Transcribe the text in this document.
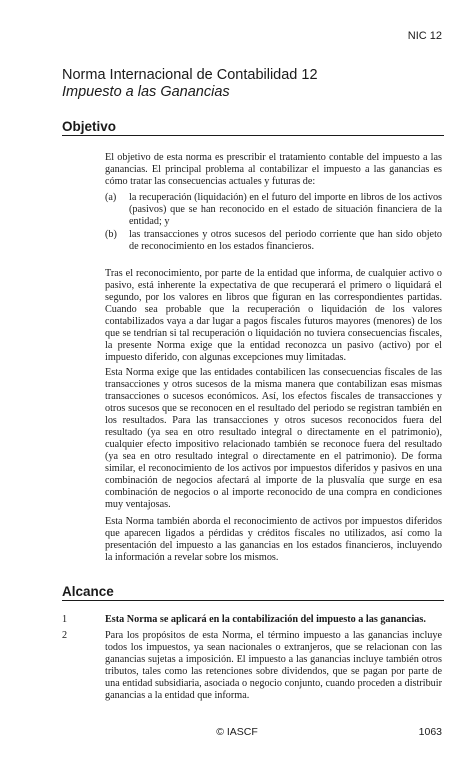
NIC 12
Norma Internacional de Contabilidad 12
Impuesto a las Ganancias
Objetivo
El objetivo de esta norma es prescribir el tratamiento contable del impuesto a las ganancias. El principal problema al contabilizar el impuesto a las ganancias es cómo tratar las consecuencias actuales y futuras de:
(a) la recuperación (liquidación) en el futuro del importe en libros de los activos (pasivos) que se han reconocido en el estado de situación financiera de la entidad; y
(b) las transacciones y otros sucesos del periodo corriente que han sido objeto de reconocimiento en los estados financieros.
Tras el reconocimiento, por parte de la entidad que informa, de cualquier activo o pasivo, está inherente la expectativa de que recuperará el primero o liquidará el segundo, por los valores en libros que figuran en las correspondientes partidas. Cuando sea probable que la recuperación o liquidación de los valores contabilizados vaya a dar lugar a pagos fiscales futuros mayores (menores) de los que se tendrían si tal recuperación o liquidación no tuviera consecuencias fiscales, la presente Norma exige que la entidad reconozca un pasivo (activo) por el impuesto diferido, con algunas excepciones muy limitadas.
Esta Norma exige que las entidades contabilicen las consecuencias fiscales de las transacciones y otros sucesos de la misma manera que contabilizan esas mismas transacciones o sucesos económicos. Así, los efectos fiscales de transacciones y otros sucesos que se reconocen en el resultado del periodo se registran también en los resultados. Para las transacciones y otros sucesos reconocidos fuera del resultado (ya sea en otro resultado integral o directamente en el patrimonio), cualquier efecto impositivo relacionado también se reconoce fuera del resultado (ya sea en otro resultado integral o directamente en el patrimonio). De forma similar, el reconocimiento de los activos por impuestos diferidos y pasivos en una combinación de negocios afectará al importe de la plusvalía que surge en esa combinación de negocios o al importe reconocido de una compra en condiciones muy ventajosas.
Esta Norma también aborda el reconocimiento de activos por impuestos diferidos que aparecen ligados a pérdidas y créditos fiscales no utilizados, así como la presentación del impuesto a las ganancias en los estados financieros, incluyendo la información a revelar sobre los mismos.
Alcance
1	Esta Norma se aplicará en la contabilización del impuesto a las ganancias.
2	Para los propósitos de esta Norma, el término impuesto a las ganancias incluye todos los impuestos, ya sean nacionales o extranjeros, que se relacionan con las ganancias sujetas a imposición. El impuesto a las ganancias incluye también otros tributos, tales como las retenciones sobre dividendos, que se pagan por parte de una entidad subsidiaria, asociada o negocio conjunto, cuando proceden a distribuir ganancias a la entidad que informa.
© IASCF	1063
